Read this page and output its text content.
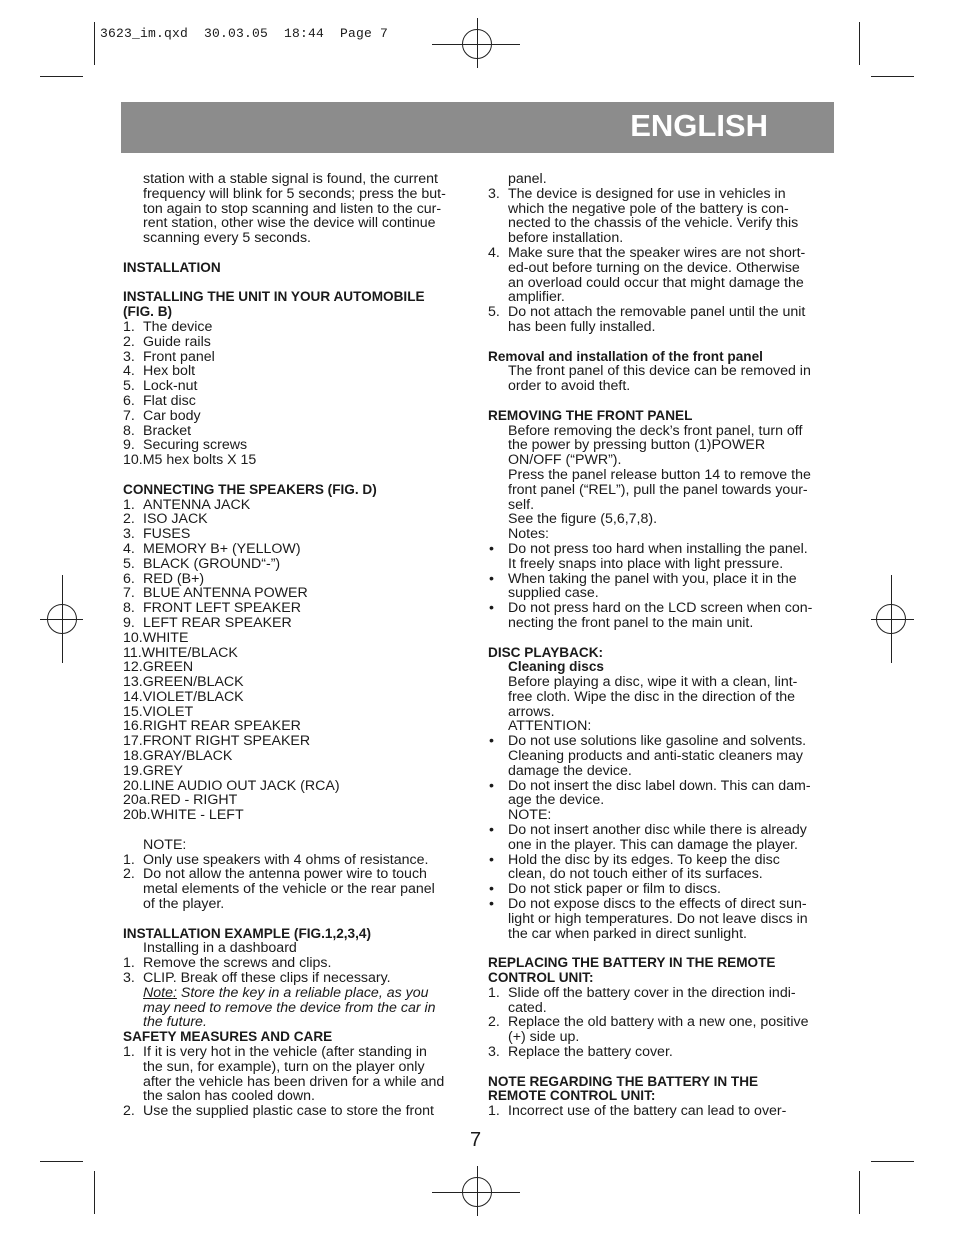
3623_im.qxd  30.03.05  18:44  Page 7
ENGLISH

station with a stable signal is found, the current

frequency will blink for 5 seconds; press the but-

ton again to stop scanning and listen to the cur-

rent station, other wise the device will continue

scanning every 5 seconds.

INSTALLATION

INSTALLING THE UNIT IN YOUR AUTOMOBILE

(FIG. B)

1. The device
2. Guide rails
3. Front panel
4. Hex bolt
5. Lock-nut
6. Flat disc
7. Car body
8. Bracket
9. Securing screws

10.M5 hex bolts X 15

CONNECTING THE SPEAKERS (FIG. D)

1. ANTENNA JACK
2. ISO JACK
3. FUSES
4. MEMORY B+ (YELLOW)
5. BLACK (GROUND“-”)
6. RED (B+)
7. BLUE ANTENNA POWER
8. FRONT LEFT SPEAKER
9. LEFT REAR SPEAKER

10.WHITE

11.WHITE/BLACK

12.GREEN

13.GREEN/BLACK

14.VIOLET/BLACK

15.VIOLET

16.RIGHT REAR SPEAKER

17.FRONT RIGHT SPEAKER

18.GRAY/BLACK

19.GREY

20.LINE AUDIO OUT JACK (RCA)

20a.RED - RIGHT

20b.WHITE - LEFT

NOTE:

1. Only use speakers with 4 ohms of resistance.

2. Do not allow the antenna power wire to touch

metal elements of the vehicle or the rear panel

of the player.

INSTALLATION EXAMPLE (FIG.1,2,3,4)

Installing in a dashboard

1. Remove the screws and clips.
3. CLIP. Break off these clips if necessary.

Note: Store the key in a reliable place, as you

may need to remove the device from the car in

the future.

SAFETY MEASURES AND CARE

1. If it is very hot in the vehicle (after standing in

the sun, for example), turn on the player only

after the vehicle has been driven for a while and

the salon has cooled down.

2. Use the supplied plastic case to store the front

panel.

3. The device is designed for use in vehicles in

which the negative pole of the battery is con-

nected to the chassis of the vehicle. Verify this

before installation.

4. Make sure that the speaker wires are not short-

ed-out before turning on the device. Otherwise

an overload could occur that might damage the

amplifier.

5. Do not attach the removable panel until the unit

has been fully installed.

Removal and installation of the front panel

The front panel of this device can be removed in

order to avoid theft.

REMOVING THE FRONT PANEL

Before removing the deck’s front panel, turn off

the power by pressing button (1)POWER

ON/OFF (“PWR”).

Press the panel release button 14 to remove the

front panel (“REL”), pull the panel towards your-

self.

See the figure (5,6,7,8).

Notes:

• Do not press too hard when installing the panel.

It freely snaps into place with light pressure.

• When taking the panel with you, place it in the

supplied case.

• Do not press hard on the LCD screen when con-

necting the front panel to the main unit.

DISC PLAYBACK:

Cleaning discs

Before playing a disc, wipe it with a clean, lint-

free cloth. Wipe the disc in the direction of the

arrows.

ATTENTION:

• Do not use solutions like gasoline and solvents.

Cleaning products and anti-static cleaners may

damage the device.

• Do not insert the disc label down. This can dam-

age the device.

NOTE:

• Do not insert another disc while there is already

one in the player. This can damage the player.

• Hold the disc by its edges. To keep the disc

clean, do not touch either of its surfaces.

• Do not stick paper or film to discs.

• Do not expose discs to the effects of direct sun-

light or high temperatures. Do not leave discs in

the car when parked in direct sunlight.

REPLACING THE BATTERY IN THE REMOTE

CONTROL UNIT:

1. Slide off the battery cover in the direction indi-

cated.

2. Replace the old battery with a new one, positive

(+) side up.

3. Replace the battery cover.

NOTE REGARDING THE BATTERY IN THE

REMOTE CONTROL UNIT:

1. Incorrect use of the battery can lead to over-

7
